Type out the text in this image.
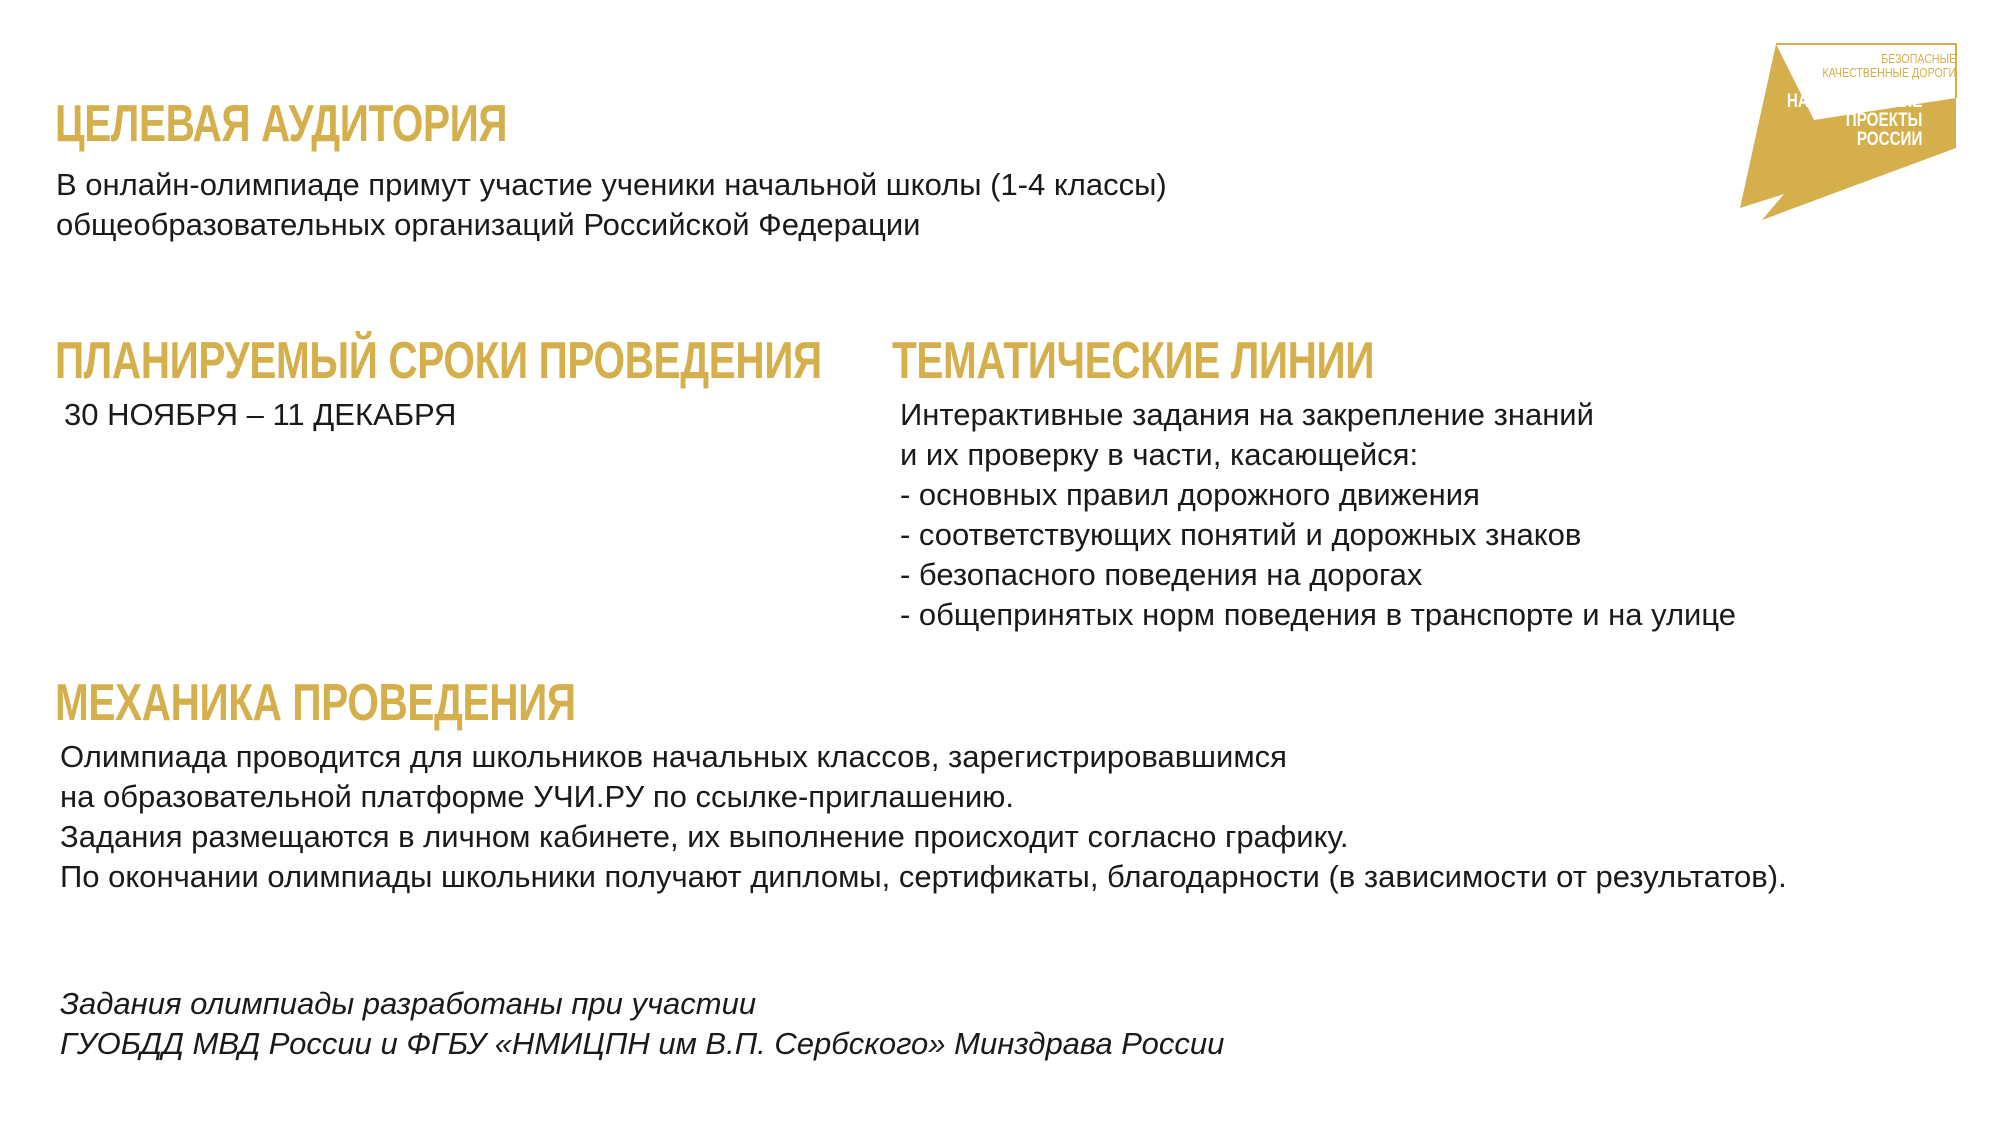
ЦЕЛЕВАЯ АУДИТОРИЯ
В онлайн-олимпиаде примут участие ученики начальной школы (1-4 классы)
общеобразовательных организаций Российской Федерации
ПЛАНИРУЕМЫЙ СРОКИ ПРОВЕДЕНИЯ
30 НОЯБРЯ – 11 ДЕКАБРЯ
ТЕМАТИЧЕСКИЕ ЛИНИИ
Интерактивные задания на закрепление знаний
и их проверку в части, касающейся:
- основных правил дорожного движения
- соответствующих понятий и дорожных знаков
- безопасного поведения на дорогах
- общепринятых норм поведения в транспорте и на улице
МЕХАНИКА ПРОВЕДЕНИЯ
Олимпиада проводится для школьников начальных классов, зарегистрировавшимся
на образовательной платформе УЧИ.РУ по ссылке-приглашению.
Задания размещаются в личном кабинете, их выполнение происходит согласно графику.
По окончании олимпиады школьники получают дипломы, сертификаты, благодарности (в зависимости от результатов).
Задания олимпиады разработаны при участии
ГУОБДД МВД России и ФГБУ «НМИЦПН им В.П. Сербского» Минздрава России
БЕЗОПАСНЫЕ
КАЧЕСТВЕННЫЕ ДОРОГИ
НАЦИОНАЛЬНЫЕ
ПРОЕКТЫ
РОССИИ
